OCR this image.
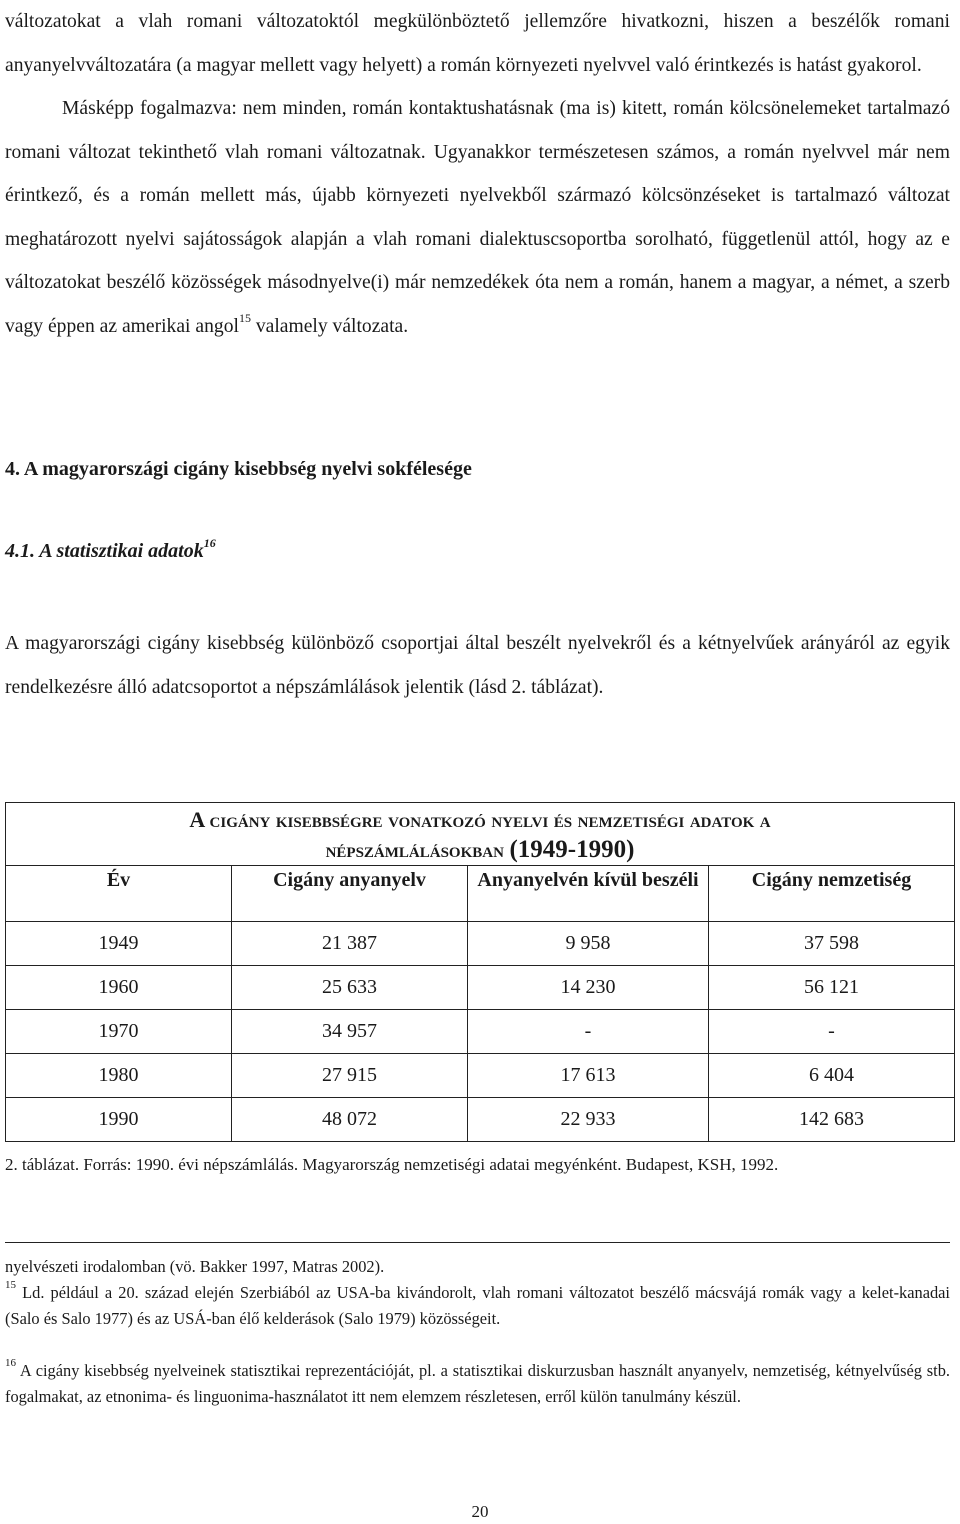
változatokat a vlah romani változatoktól megkülönböztető jellemzőre hivatkozni, hiszen a beszélők romani anyanyelvváltozatára (a magyar mellett vagy helyett) a román környezeti nyelvvel való érintkezés is hatást gyakorol.

Másképp fogalmazva: nem minden, román kontaktushatásnak (ma is) kitett, román kölcsönelemeket tartalmazó romani változat tekinthető vlah romani változatnak. Ugyanakkor természetesen számos, a román nyelvvel már nem érintkező, és a román mellett más, újabb környezeti nyelvekből származó kölcsönzéseket is tartalmazó változat meghatározott nyelvi sajátosságok alapján a vlah romani dialektuscsoportba sorolható, függetlenül attól, hogy az e változatokat beszélő közösségek másodnyelve(i) már nemzedékek óta nem a román, hanem a magyar, a német, a szerb vagy éppen az amerikai angol$^{15}$ valamely változata.

4. A magyarországi cigány kisebbség nyelvi sokfélesége

4.1. A statisztikai adatok$^{16}$

A magyarországi cigány kisebbség különböző csoportjai által beszélt nyelvekről és a kétnyelvűek arányáról az egyik rendelkezésre álló adatcsoportot a népszámlálások jelentik (lásd 2. táblázat).

A cigány kisebbségre vonatkozó nyelvi és nemzetiségi adatok a
népszámlálásokban (1949-1990)			
Év	Cigány anyanyelv	Anyanyelvén kívül beszéli	Cigány nemzetiség
1949	21 387	9 958	37 598
1960	25 633	14 230	56 121
1970	34 957	-	-
1980	27 915	17 613	6 404
1990	48 072	22 933	142 683

2. táblázat. Forrás: 1990. évi népszámlálás. Magyarország nemzetiségi adatai megyénként. Budapest, KSH, 1992.

nyelvészeti irodalomban (vö. Bakker 1997, Matras 2002).

$^{15}$ Ld. például a 20. század elején Szerbiából az USA-ba kivándorolt, vlah romani változatot beszélő mácsvájá romák vagy a kelet-kanadai (Salo és Salo 1977) és az USÁ-ban élő kelderások (Salo 1979) közösségeit.

$^{16}$ A cigány kisebbség nyelveinek statisztikai reprezentációját, pl. a statisztikai diskurzusban használt anyanyelv, nemzetiség, kétnyelvűség stb. fogalmakat, az etnonima- és linguonima-használatot itt nem elemzem részletesen, erről külön tanulmány készül.

20
